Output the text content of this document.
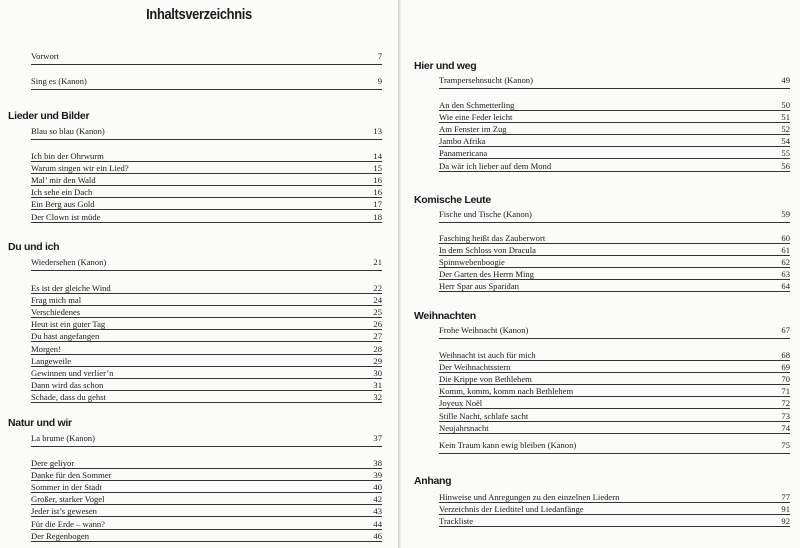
Inhaltsverzeichnis
Vorwort	7
Sing es (Kanon)	9
Lieder und Bilder
Blau so blau (Kanon)	13
Ich bin der Ohrwurm	14
Warum singen wir ein Lied?	15
Mal’ mir den Wald	16
Ich sehe ein Dach	16
Ein Berg aus Gold	17
Der Clown ist müde	18
Du und ich
Wiedersehen (Kanon)	21
Es ist der gleiche Wind	22
Frag mich mal	24
Verschiedenes	25
Heut ist ein guter Tag	26
Du hast angefangen	27
Morgen!	28
Langeweile	29
Gewinnen und verlier’n	30
Dann wird das schon	31
Schade, dass du gehst	32
Natur und wir
La brume (Kanon)	37
Dere geliyor	38
Danke für den Sommer	39
Sommer in der Stadt	40
Großer, starker Vogel	42
Jeder ist’s gewesen	43
Für die Erde – wann?	44
Der Regenbogen	46
Hier und weg
Trampersehnsucht (Kanon)	49
An den Schmetterling	50
Wie eine Feder leicht	51
Am Fenster im Zug	52
Jambo Afrika	54
Panamericana	55
Da wär ich lieber auf dem Mond	56
Komische Leute
Fische und Tische (Kanon)	59
Fasching heißt das Zauberwort	60
In dem Schloss von Dracula	61
Spinnwebenboogie	62
Der Garten des Herrn Ming	63
Herr Spar aus Sparidan	64
Weihnachten
Frohe Weihnacht (Kanon)	67
Weihnacht ist auch für mich	68
Der Weihnachtsstern	69
Die Krippe von Bethlehem	70
Komm, komm, komm nach Bethlehem	71
Joyeux Noël	72
Stille Nacht, schlafe sacht	73
Neujahrsnacht	74
Kein Traum kann ewig bleiben (Kanon)	75
Anhang
Hinweise und Anregungen zu den einzelnen Liedern	77
Verzeichnis der Liedtitel und Liedanfänge	91
Trackliste	92
